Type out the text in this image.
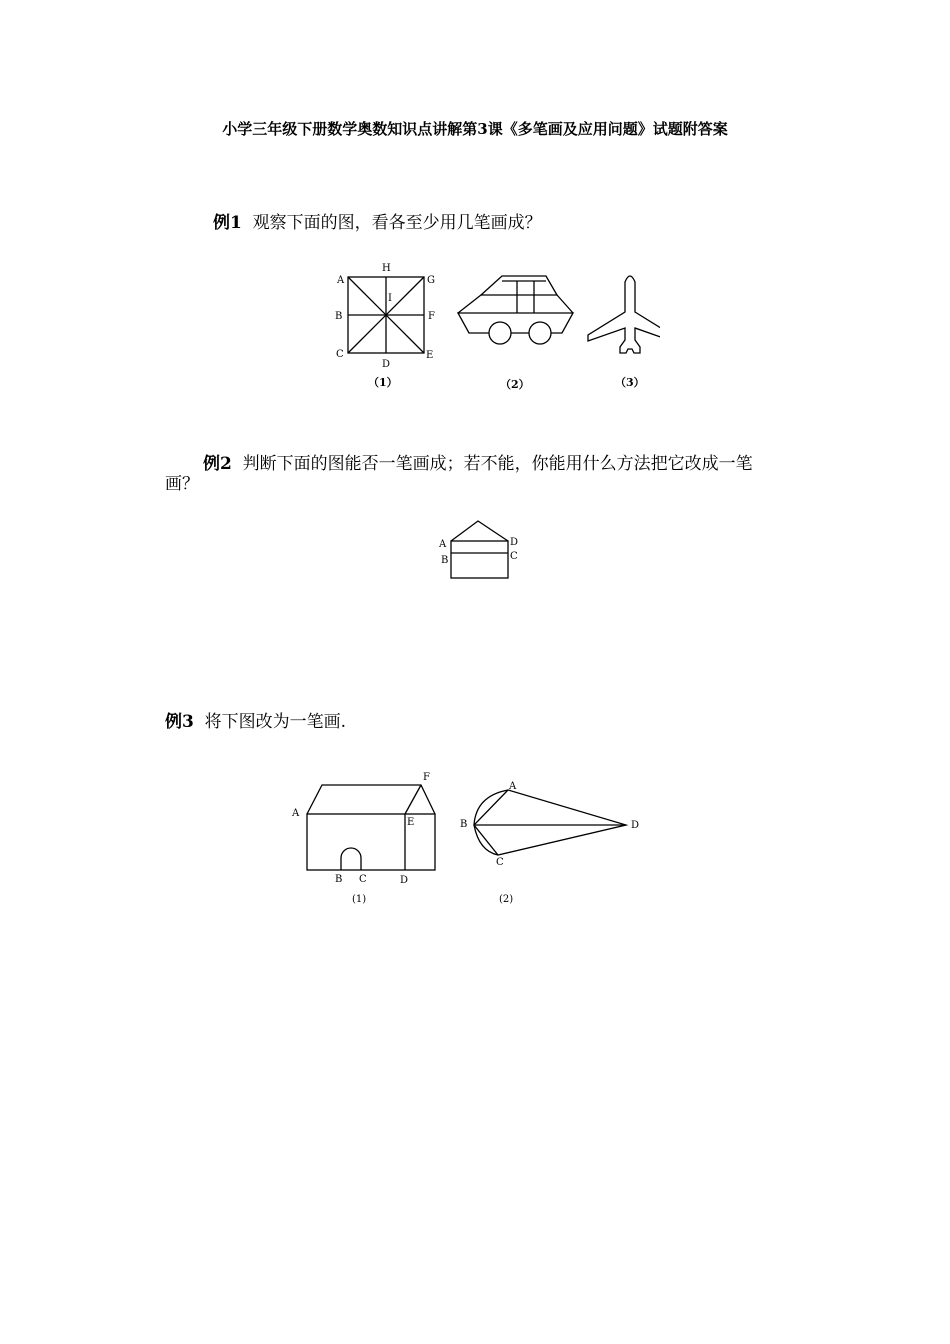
小学三年级下册数学奥数知识点讲解第3课《多笔画及应用问题》试题附答案
例1 观察下面的图，看各至少用几笔画成？
A
H
G
I
B	F
C
D
E
（1）	（2）	（3）
例2 判断下面的图能否一笔画成；若不能，你能用什么方法把它改成一笔
画？
A
B
D
C
例3 将下图改为一笔画.
A
B C	D
E
F
(1)
A
B
C
D
(2)
